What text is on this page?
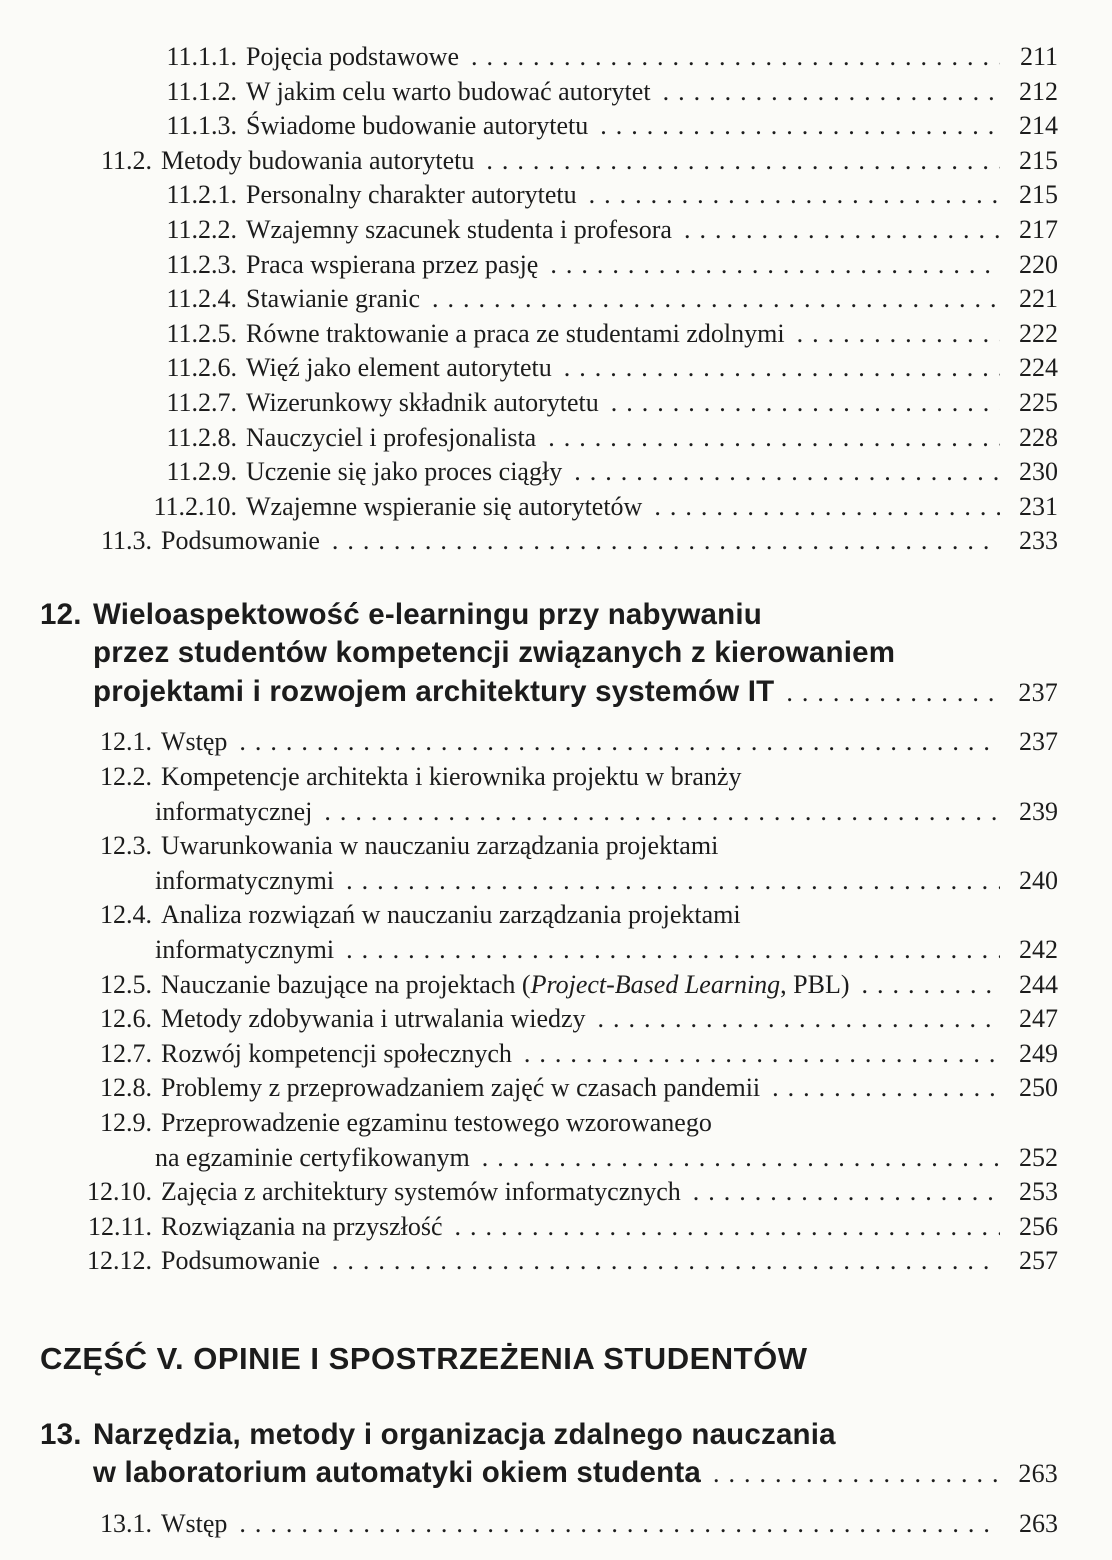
11.1.1. Pojęcia podstawowe .....	211
11.1.2. W jakim celu warto budować autorytet .....	212
11.1.3. Świadome budowanie autorytetu .....	214
11.2. Metody budowania autorytetu .....	215
11.2.1. Personalny charakter autorytetu .....	215
11.2.2. Wzajemny szacunek studenta i profesora .....	217
11.2.3. Praca wspierana przez pasję .....	220
11.2.4. Stawianie granic .....	221
11.2.5. Równe traktowanie a praca ze studentami zdolnymi .....	222
11.2.6. Więź jako element autorytetu .....	224
11.2.7. Wizerunkowy składnik autorytetu .....	225
11.2.8. Nauczyciel i profesjonalista .....	228
11.2.9. Uczenie się jako proces ciągły .....	230
11.2.10. Wzajemne wspieranie się autorytetów .....	231
11.3. Podsumowanie .....	233
12. Wieloaspektowość e-learningu przy nabywaniu
przez studentów kompetencji związanych z kierowaniem
projektami i rozwojem architektury systemów IT .....	237
12.1. Wstęp .....	237
12.2. Kompetencje architekta i kierownika projektu w branży
informatycznej .....	239
12.3. Uwarunkowania w nauczaniu zarządzania projektami
informatycznymi .....	240
12.4. Analiza rozwiązań w nauczaniu zarządzania projektami
informatycznymi .....	242
12.5. Nauczanie bazujące na projektach (Project-Based Learning, PBL) .....	244
12.6. Metody zdobywania i utrwalania wiedzy .....	247
12.7. Rozwój kompetencji społecznych .....	249
12.8. Problemy z przeprowadzaniem zajęć w czasach pandemii .....	250
12.9. Przeprowadzenie egzaminu testowego wzorowanego
na egzaminie certyfikowanym .....	252
12.10. Zajęcia z architektury systemów informatycznych .....	253
12.11. Rozwiązania na przyszłość .....	256
12.12. Podsumowanie .....	257
CZĘŚĆ V. OPINIE I SPOSTRZEŻENIA STUDENTÓW
13. Narzędzia, metody i organizacja zdalnego nauczania
w laboratorium automatyki okiem studenta .....	263
13.1. Wstęp .....	263
